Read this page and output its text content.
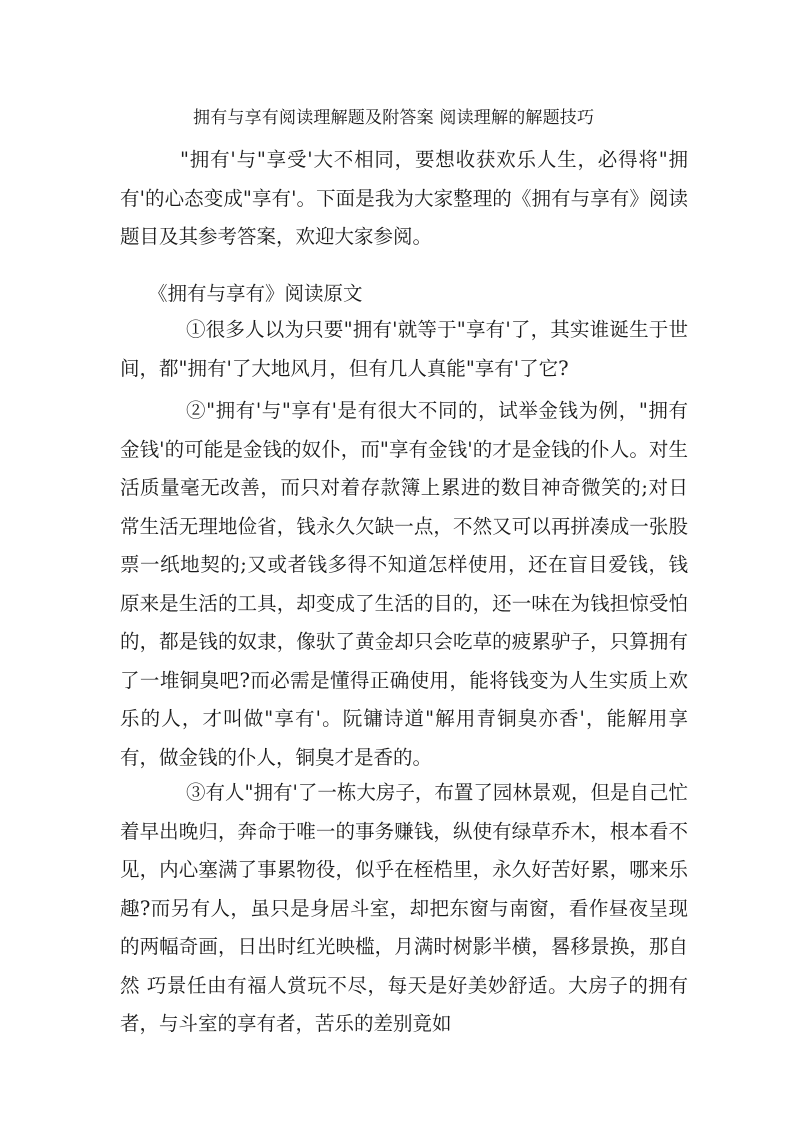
拥有与享有阅读理解题及附答案 阅读理解的解题技巧

"拥有'与"享受'大不相同，要想收获欢乐人生，必得将"拥有'的心态变成"享有'。下面是我为大家整理的《拥有与享有》阅读题目及其参考答案，欢迎大家参阅。

《拥有与享有》阅读原文

①很多人以为只要"拥有'就等于"享有'了，其实谁诞生于世间，都"拥有'了大地风月，但有几人真能"享有'了它?

②"拥有'与"享有'是有很大不同的，试举金钱为例，"拥有金钱'的可能是金钱的奴仆，而"享有金钱'的才是金钱的仆人。对生活质量毫无改善，而只对着存款簿上累进的数目神奇微笑的;对日常生活无理地俭省，钱永久欠缺一点，不然又可以再拼凑成一张股票一纸地契的;又或者钱多得不知道怎样使用，还在盲目爱钱，钱原来是生活的工具，却变成了生活的目的，还一味在为钱担惊受怕的，都是钱的奴隶，像驮了黄金却只会吃草的疲累驴子，只算拥有了一堆铜臭吧?而必需是懂得正确使用，能将钱变为人生实质上欢乐的人，才叫做"享有'。阮镛诗道"解用青铜臭亦香'，能解用享有，做金钱的仆人，铜臭才是香的。

③有人"拥有'了一栋大房子，布置了园林景观，但是自己忙着早出晚归，奔命于唯一的事务赚钱，纵使有绿草乔木，根本看不见，内心塞满了事累物役，似乎在桎梏里，永久好苦好累，哪来乐趣?而另有人，虽只是身居斗室，却把东窗与南窗，看作昼夜呈现的两幅奇画，日出时红光映槛，月满时树影半横，晷移景换，那自然 巧景任由有福人赏玩不尽，每天是好美妙舒适。大房子的拥有者，与斗室的享有者，苦乐的差别竟如
